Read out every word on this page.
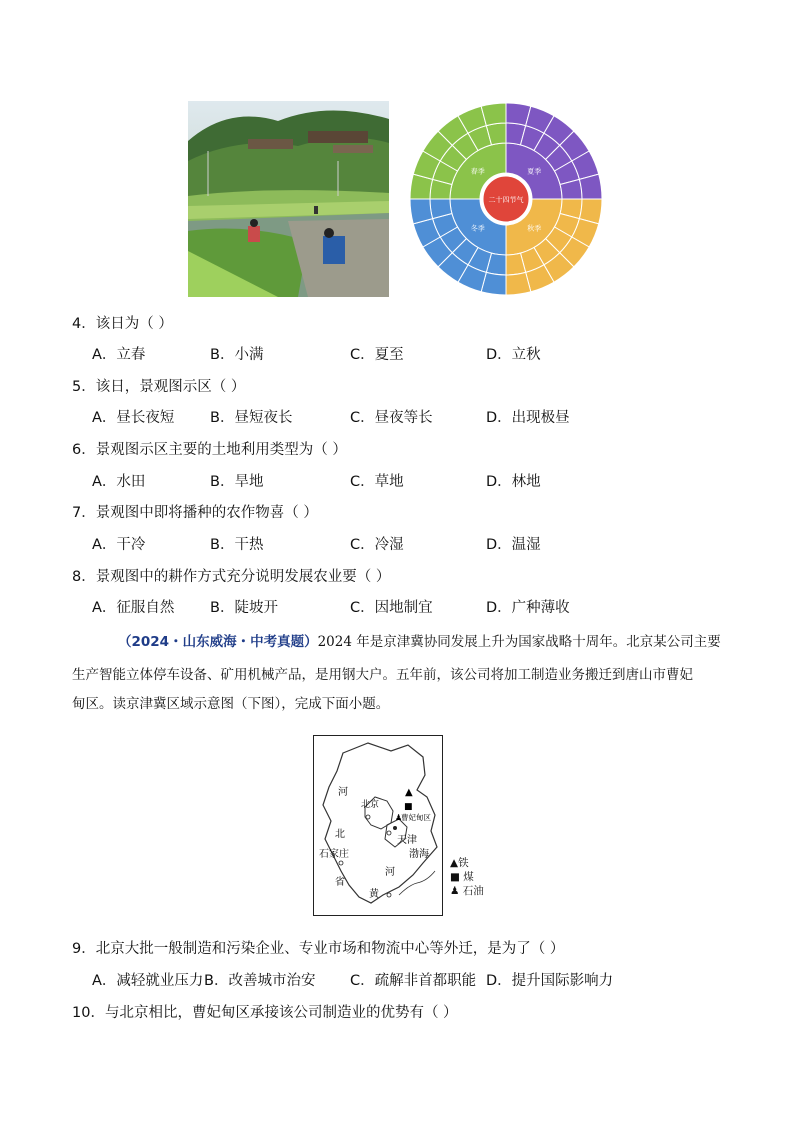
春季	夏季
秋季
冬季
二十四节气
4．该日为（ ）
A．立春	B．小满	C．夏至	D．立秋
5．该日，景观图示区（ ）
A．昼长夜短 B．昼短夜长	C．昼夜等长	D．出现极昼
6．景观图示区主要的土地利用类型为（ ）
A．水田	B．旱地	C．草地	D．林地
7．景观图中即将播种的农作物喜（ ）
A．干冷	B．干热	C．冷湿	D．温湿
8．景观图中的耕作方式充分说明发展农业要（ ）
A．征服自然 B．陡坡开	C．因地制宜	D．广种薄收
（2024・山东威海・中考真题）2024 年是京津冀协同发展上升为国家战略十周年。北京某公司主要
生产智能立体停车设备、矿用机械产品，是用钢大户。五年前，该公司将加工制造业务搬迁到唐山市曹妃
甸区。读京津冀区域示意图（下图），完成下面小题。
河
北京
▲
■
♟
曹妃甸区
北
天津
渤海
石家庄
河
省
黄
▲铁
■ 煤
♟ 石油
9．北京大批一般制造和污染企业、专业市场和物流中心等外迁，是为了（ ）
A．减轻就业压力 B．改善城市治安 C．疏解非首都职能 D．提升国际影响力
10．与北京相比，曹妃甸区承接该公司制造业的优势有（ ）
